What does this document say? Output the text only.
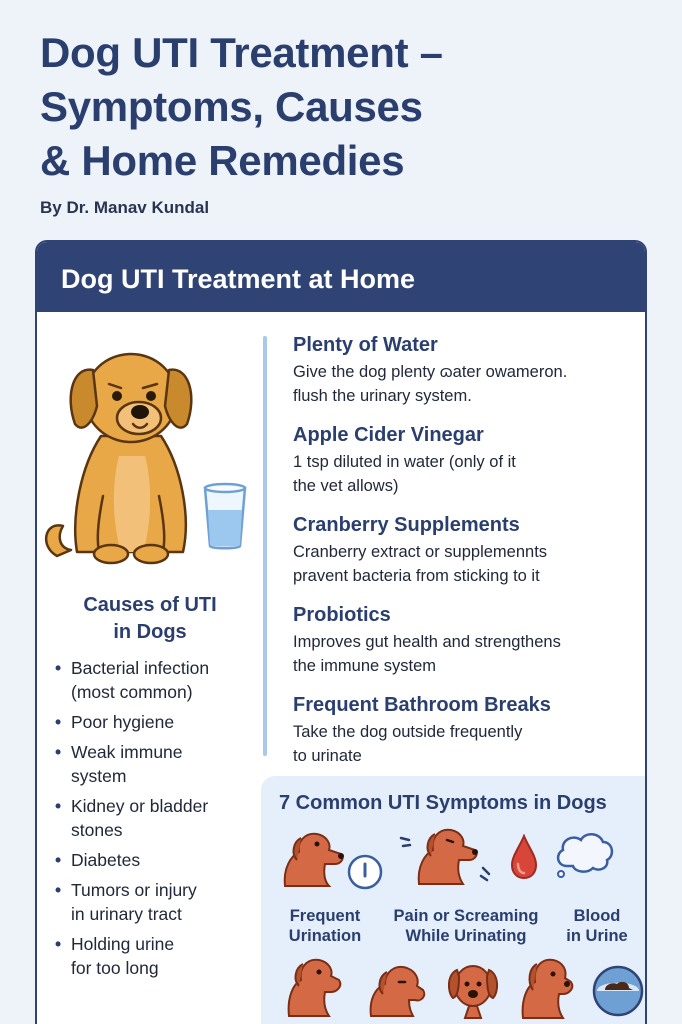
Dog UTI Treatment –
Symptoms, Causes
& Home Remedies
By Dr. Manav Kundal
Dog UTI Treatment at Home
Causes of UTI
in Dogs
• Bacterial infection
(most common)
• Poor hygiene
• Weak immune
system
• Kidney or bladder
stones
• Diabetes
• Tumors or injury
in urinary tract
• Holding urine
for too long
Plenty of Water
Give the dog plenty ɷater owameron.
flush the urinary system.
Apple Cider Vinegar
1 tsp diluted in water (only of it
the vet allows)
Cranberry Supplements
Cranberry extract or supplemennts
pravent bacteria from sticking to it
Probiotics
Improves gut health and strengthens
the immune system
Frequent Bathroom Breaks
Take the dog outside frequently
to urinate
7 Common UTI Symptoms in Dogs
Frequent
Urination
Pain or Screaming
While Urinating
Blood
in Urine
